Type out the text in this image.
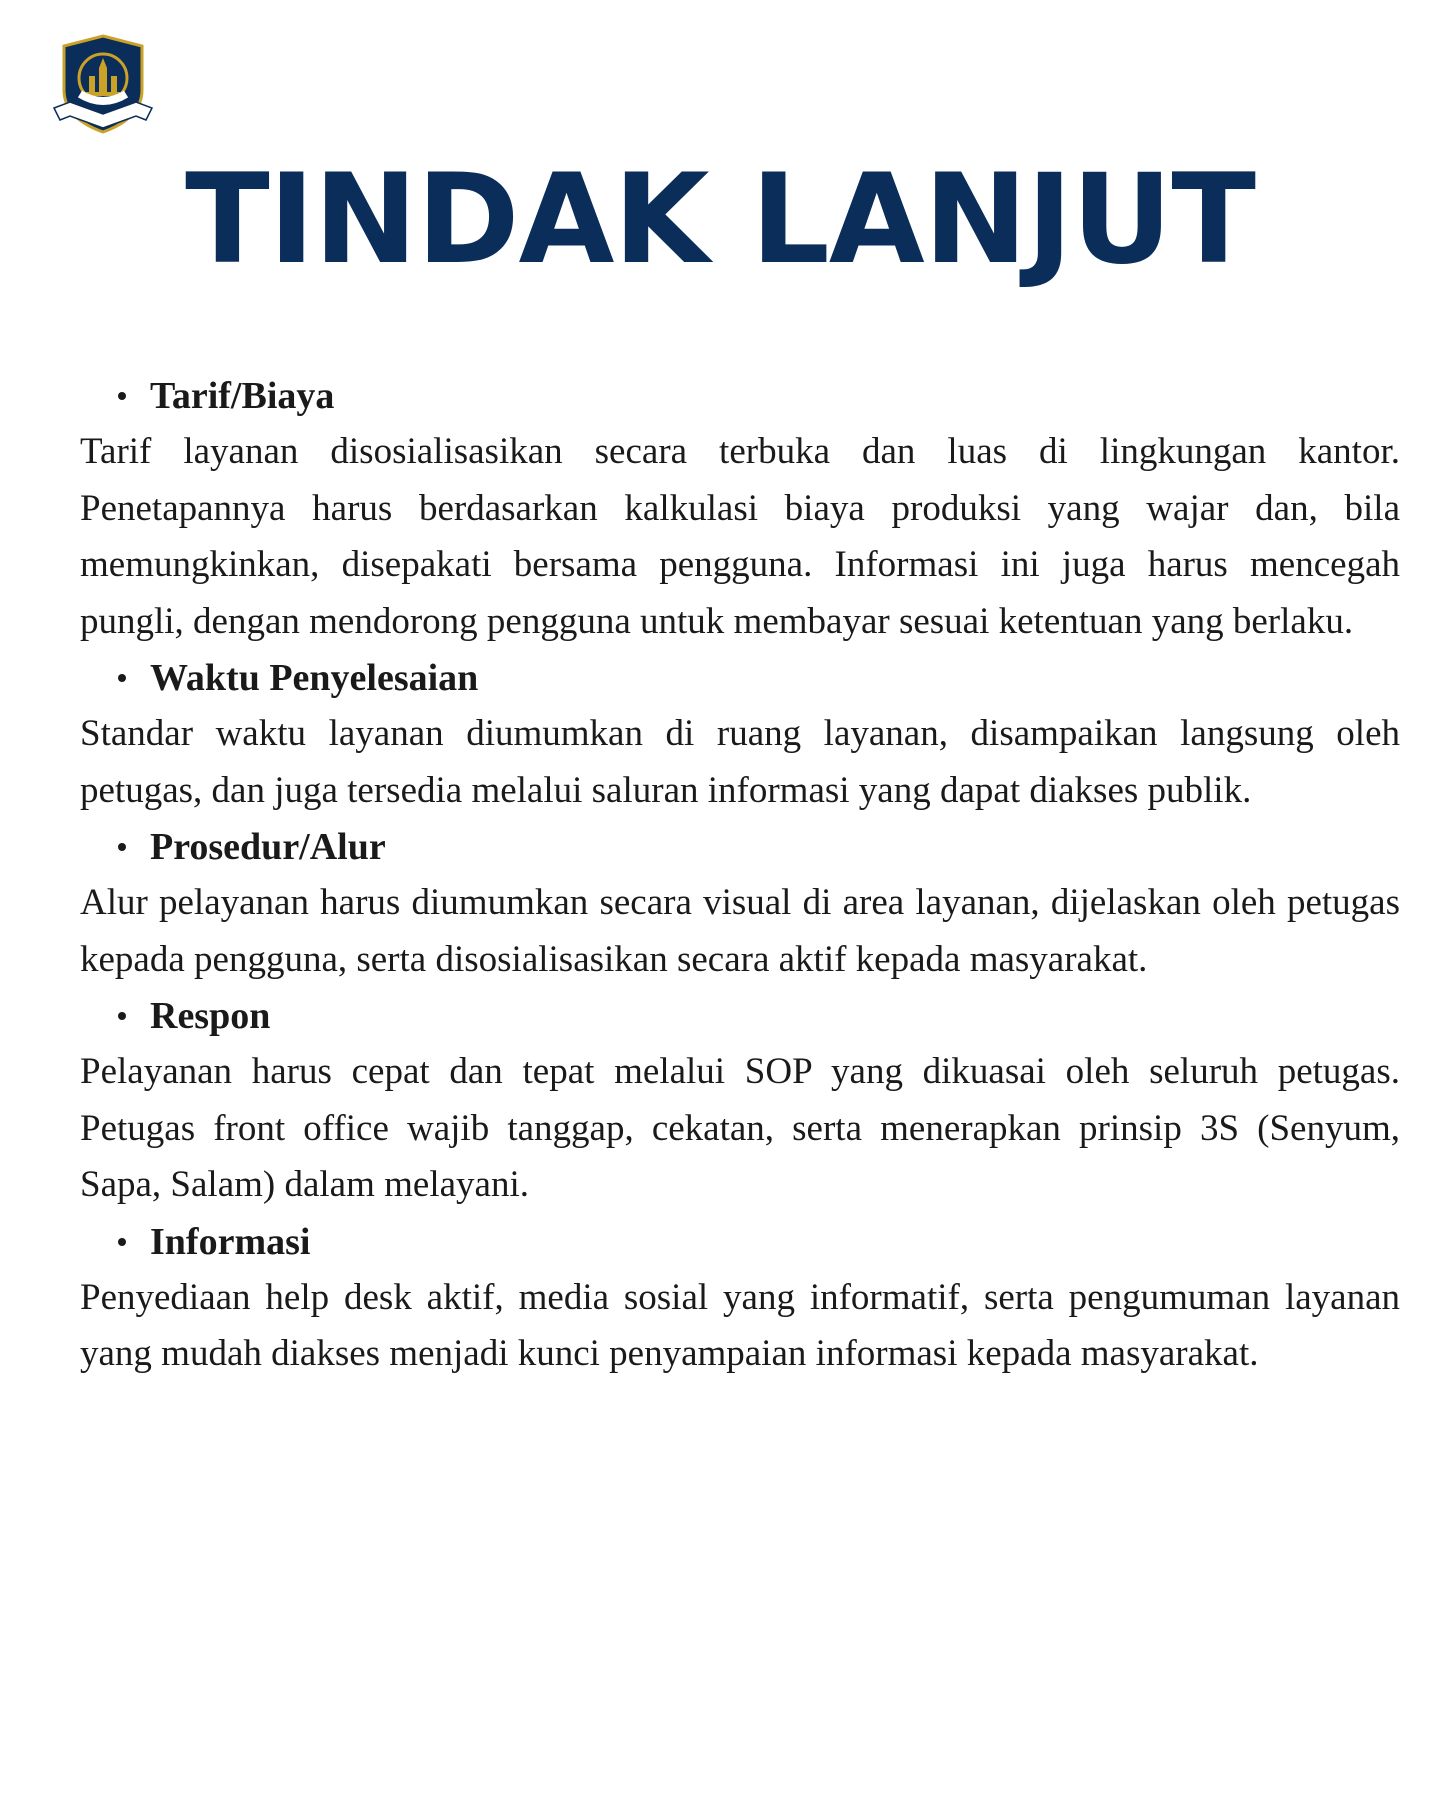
TINDAK LANJUT
Tarif/Biaya

Tarif layanan disosialisasikan secara terbuka dan luas di lingkungan kantor. Penetapannya harus berdasarkan kalkulasi biaya produksi yang wajar dan, bila memungkinkan, disepakati bersama pengguna. Informasi ini juga harus mencegah pungli, dengan mendorong pengguna untuk membayar sesuai ketentuan yang berlaku.

Waktu Penyelesaian

Standar waktu layanan diumumkan di ruang layanan, disampaikan langsung oleh petugas, dan juga tersedia melalui saluran informasi yang dapat diakses publik.

Prosedur/Alur

Alur pelayanan harus diumumkan secara visual di area layanan, dijelaskan oleh petugas kepada pengguna, serta disosialisasikan secara aktif kepada masyarakat.

Respon

Pelayanan harus cepat dan tepat melalui SOP yang dikuasai oleh seluruh petugas. Petugas front office wajib tanggap, cekatan, serta menerapkan prinsip 3S (Senyum, Sapa, Salam) dalam melayani.

Informasi

Penyediaan help desk aktif, media sosial yang informatif, serta pengumuman layanan yang mudah diakses menjadi kunci penyampaian informasi kepada masyarakat.
